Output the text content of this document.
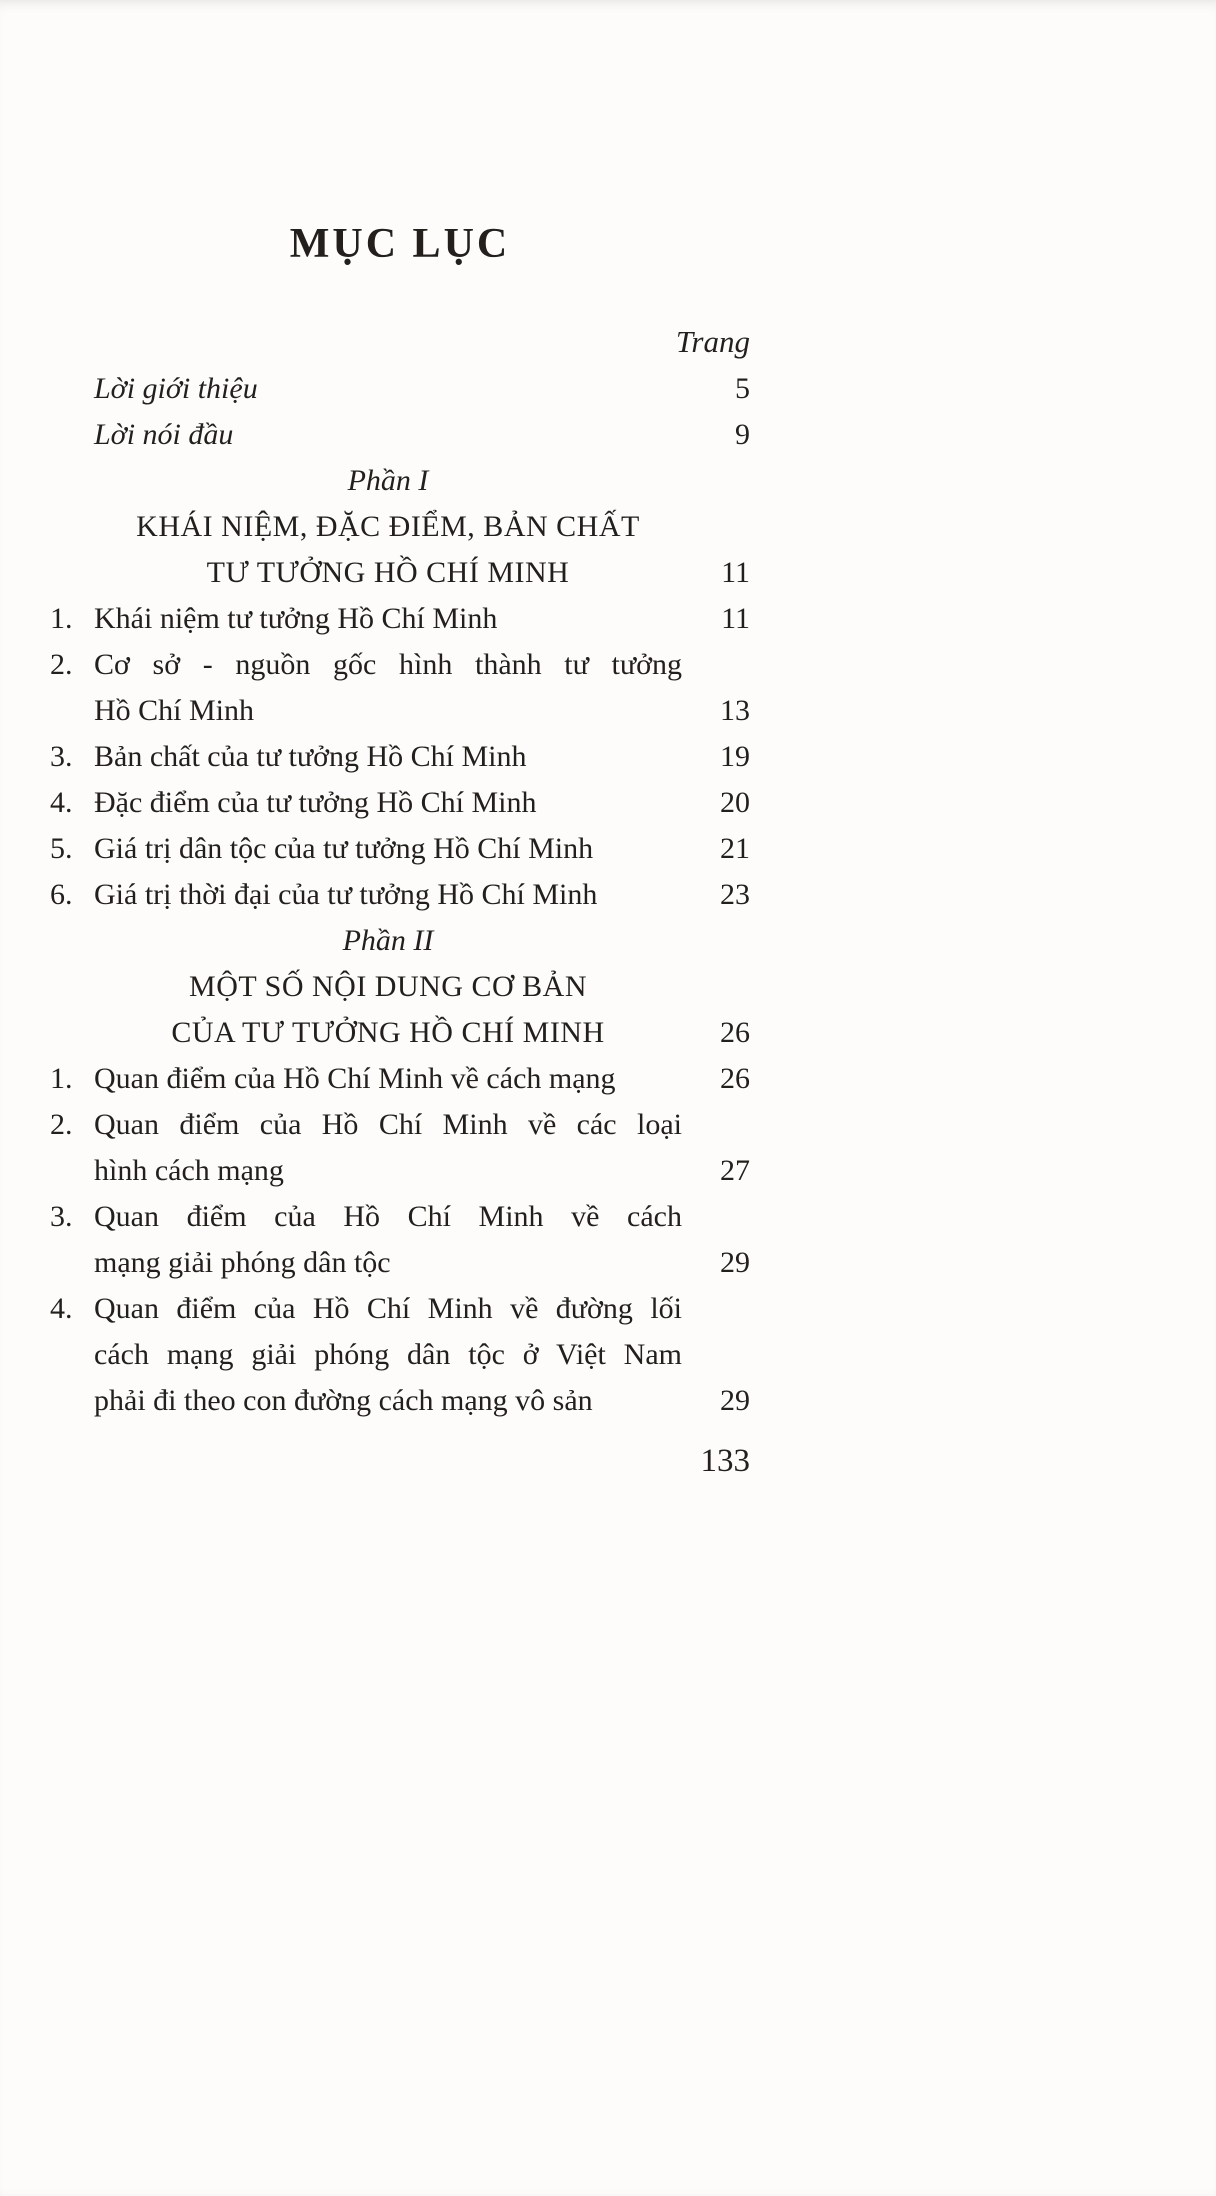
MỤC LỤC
Trang
Lời giới thiệu	5
Lời nói đầu	9
Phần I
KHÁI NIỆM, ĐẶC ĐIỂM, BẢN CHẤT
TƯ TƯỞNG HỒ CHÍ MINH	11
1. Khái niệm tư tưởng Hồ Chí Minh	11
2. Cơ sở - nguồn gốc hình thành tư tưởng
Hồ Chí Minh	13
3. Bản chất của tư tưởng Hồ Chí Minh	19
4. Đặc điểm của tư tưởng Hồ Chí Minh	20
5. Giá trị dân tộc của tư tưởng Hồ Chí Minh	21
6. Giá trị thời đại của tư tưởng Hồ Chí Minh	23
Phần II
MỘT SỐ NỘI DUNG CƠ BẢN
CỦA TƯ TƯỞNG HỒ CHÍ MINH	26
1. Quan điểm của Hồ Chí Minh về cách mạng	26
2. Quan điểm của Hồ Chí Minh về các loại
hình cách mạng	27
3. Quan điểm của Hồ Chí Minh về cách
mạng giải phóng dân tộc	29
4. Quan điểm của Hồ Chí Minh về đường lối
cách mạng giải phóng dân tộc ở Việt Nam
phải đi theo con đường cách mạng vô sản	29
133
